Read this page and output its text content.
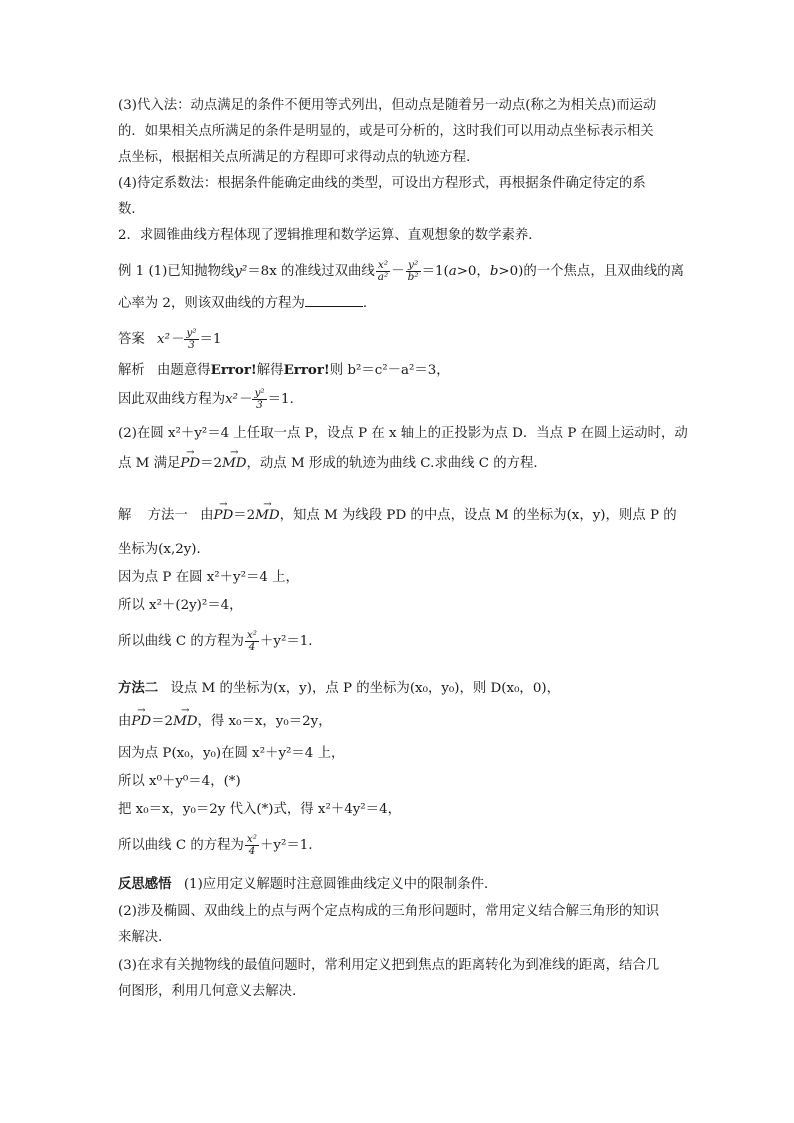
(3)代入法：动点满足的条件不便用等式列出，但动点是随着另一动点(称之为相关点)而运动
的．如果相关点所满足的条件是明显的，或是可分析的，这时我们可以用动点坐标表示相关
点坐标，根据相关点所满足的方程即可求得动点的轨迹方程．
(4)待定系数法：根据条件能确定曲线的类型，可设出方程形式，再根据条件确定待定的系
数．
2．求圆锥曲线方程体现了逻辑推理和数学运算、直观想象的数学素养．
例 1 (1)已知抛物线y²＝8x 的准线过双曲线 $\frac{\text{x²}}{\text{a²}} - \frac{\text{y²}}{\text{b²}} =1(a>0$，b>0)的一个焦点，且双曲线的离
心率为 2，则该双曲线的方程为	．
答案 $x^2- \frac{\text{y²}}{3} =1$
解析 由题意得Error!解得Error!则 b²＝c²－a²＝3，
因此双曲线方程为$x^2- \frac{\text{y²}}{3} =1$.
(2)在圆 x²＋y²＝4 上任取一点 P，设点 P 在 x 轴上的正投影为点 D．当点 P 在圆上运动时，动
点 M 满足→ PD＝2→ MD，动点 M 形成的轨迹为曲线 C.求曲线 C 的方程．
解 方法一 由→ PD＝2→ MD，知点 M 为线段 PD 的中点，设点 M 的坐标为(x，y)，则点 P 的
坐标为(x,2y)．
因为点 P 在圆 x²＋y²＝4 上，
所以 x²＋(2y)²＝4，
所以曲线 C 的方程为 $\frac{\text{x²}}{4} +y^2=1$.
方法二 设点 M 的坐标为(x，y)，点 P 的坐标为(x₀，y₀)，则 D(x₀，0)，
由→ PD＝2→ MD，得 x₀＝x，y₀＝2y，
因为点 P(x₀，y₀)在圆 x²＋y²＝4 上，
所以 x⁰＋y⁰＝4，(*)
把 x₀＝x，y₀＝2y 代入(*)式，得 x²＋4y²＝4，
所以曲线 C 的方程为 $\frac{\text{x²}}{4} +y^2=1$.
反思感悟 (1)应用定义解题时注意圆锥曲线定义中的限制条件．
(2)涉及椭圆、双曲线上的点与两个定点构成的三角形问题时，常用定义结合解三角形的知识
来解决．
(3)在求有关抛物线的最值问题时，常利用定义把到焦点的距离转化为到准线的距离，结合几
何图形，利用几何意义去解决．
